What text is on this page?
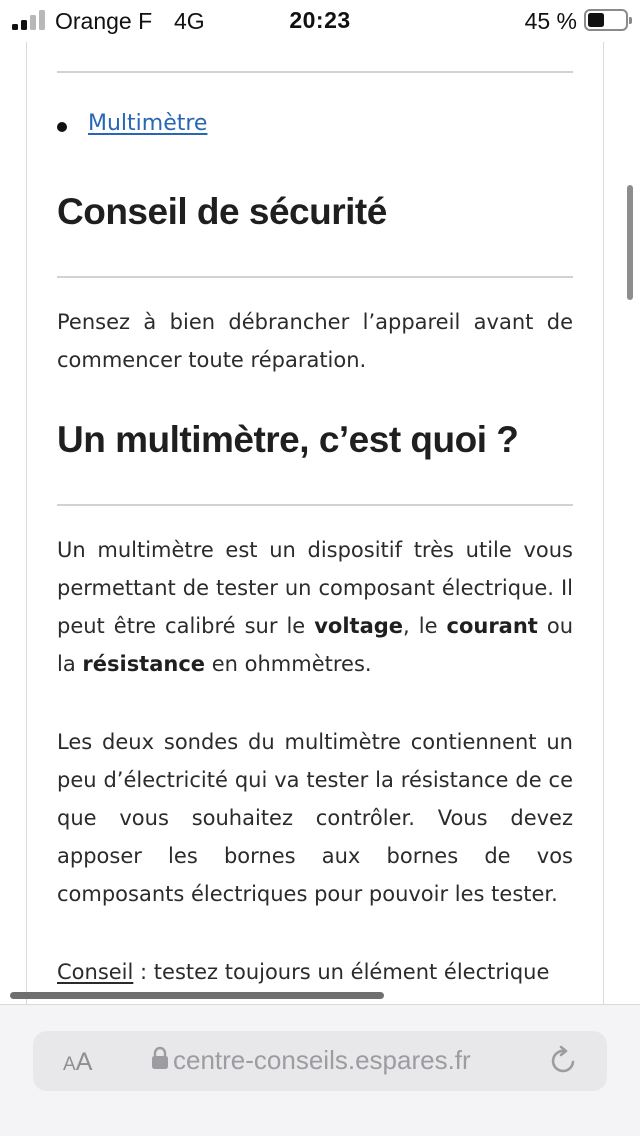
Orange F 4G	20:23	45 %
Multimètre
Conseil de sécurité

Pensez à bien débrancher l’appareil avant de commencer toute réparation.

Un multimètre, c’est quoi ?

Un multimètre est un dispositif très utile vous permettant de tester un composant électrique. Il peut être calibré sur le voltage, le courant ou la résistance en ohmmètres.

Les deux sondes du multimètre contiennent un peu d’électricité qui va tester la résistance de ce que vous souhaitez contrôler. Vous devez apposer les bornes aux bornes de vos composants électriques pour pouvoir les tester.

Conseil : testez toujours un élément électrique

AA	centre-conseils.espares.fr
